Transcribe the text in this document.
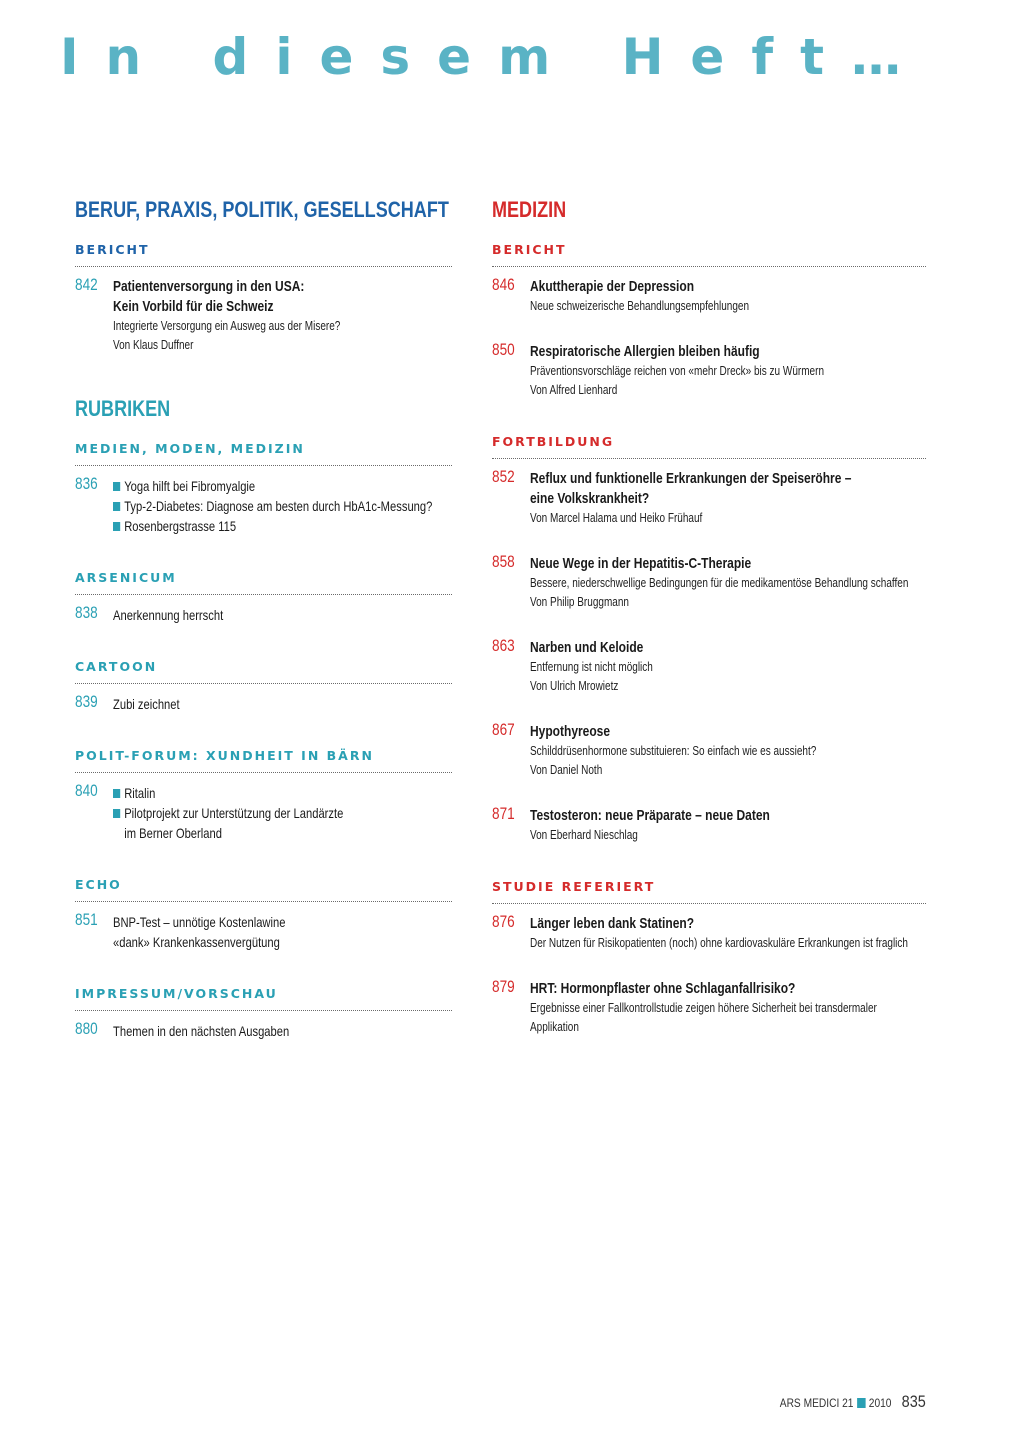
In diesem Heft…
BERUF, PRAXIS, POLITIK, GESELLSCHAFT
BERICHT
842 Patientenversorgung in den USA:
Kein Vorbild für die Schweiz
Integrierte Versorgung ein Ausweg aus der Misere?
Von Klaus Duffner
RUBRIKEN
MEDIEN, MODEN, MEDIZIN
836	Yoga hilft bei Fibromyalgie
Typ-2-Diabetes: Diagnose am besten durch HbA1c-Messung?
Rosenbergstrasse 115
ARSENICUM
838 Anerkennung herrscht
CARTOON
839 Zubi zeichnet
POLIT-FORUM: XUNDHEIT IN BÄRN
840	Ritalin
Pilotprojekt zur Unterstützung der Landärzte
im Berner Oberland
ECHO
851 BNP-Test – unnötige Kostenlawine
«dank» Krankenkassenvergütung
IMPRESSUM/VORSCHAU
880 Themen in den nächsten Ausgaben
MEDIZIN
BERICHT
846 Akuttherapie der Depression
Neue schweizerische Behandlungsempfehlungen
850 Respiratorische Allergien bleiben häufig
Präventionsvorschläge reichen von «mehr Dreck» bis zu Würmern
Von Alfred Lienhard
FORTBILDUNG
852 Reflux und funktionelle Erkrankungen der Speiseröhre –
eine Volkskrankheit?
Von Marcel Halama und Heiko Frühauf
858 Neue Wege in der Hepatitis-C-Therapie
Bessere, niederschwellige Bedingungen für die medikamentöse Behandlung schaffen
Von Philip Bruggmann
863 Narben und Keloide
Entfernung ist nicht möglich
Von Ulrich Mrowietz
867 Hypothyreose
Schilddrüsenhormone substituieren: So einfach wie es aussieht?
Von Daniel Noth
871 Testosteron: neue Präparate – neue Daten
Von Eberhard Nieschlag
STUDIE REFERIERT
876 Länger leben dank Statinen?
Der Nutzen für Risikopatienten (noch) ohne kardiovaskuläre Erkrankungen ist fraglich
879 HRT: Hormonpflaster ohne Schlaganfallrisiko?
Ergebnisse einer Fallkontrollstudie zeigen höhere Sicherheit bei transdermaler Applikation
ARS MEDICI 21 2010 835
